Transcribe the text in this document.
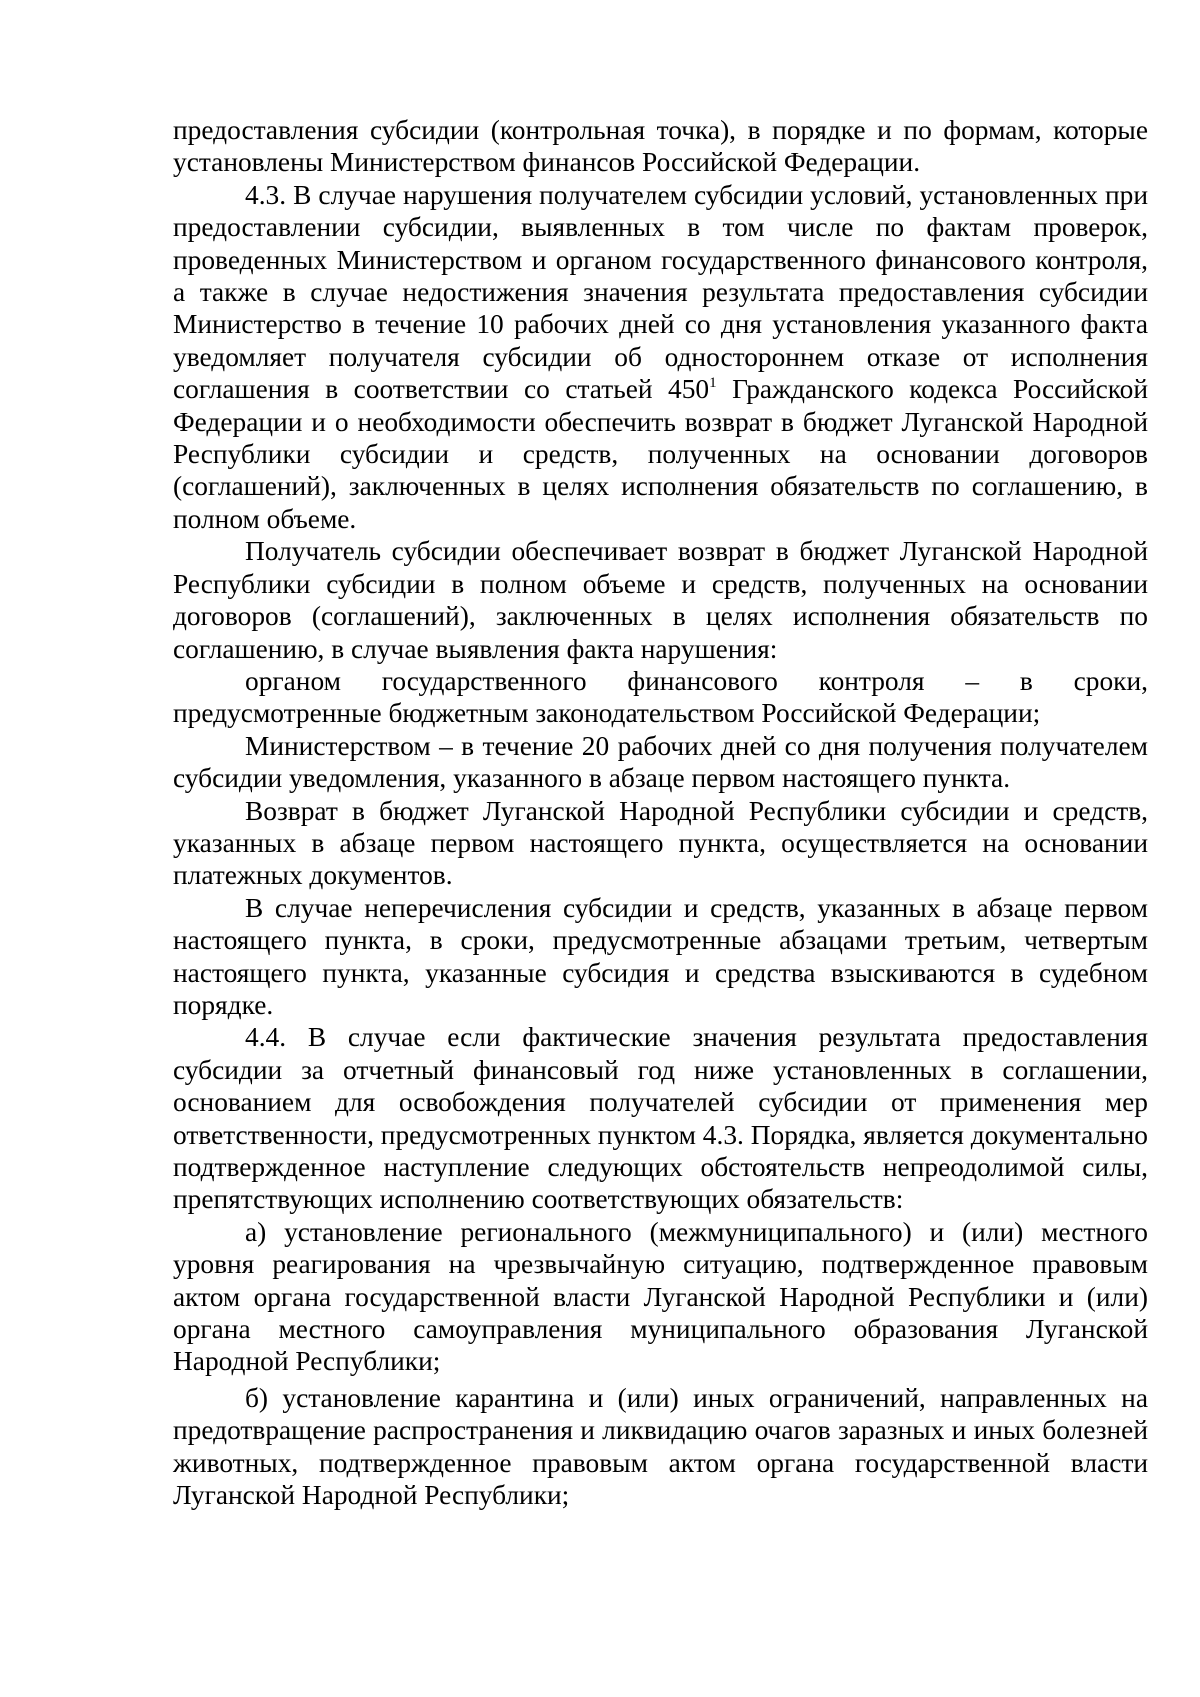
предоставления субсидии (контрольная точка), в порядке и по формам, которые установлены Министерством финансов Российской Федерации.

4.3. В случае нарушения получателем субсидии условий, установленных при предоставлении субсидии, выявленных в том числе по фактам проверок, проведенных Министерством и органом государственного финансового контроля, а также в случае недостижения значения результата предоставления субсидии Министерство в течение 10 рабочих дней со дня установления указанного факта уведомляет получателя субсидии об одностороннем отказе от исполнения соглашения в соответствии со статьей $450^1$ Гражданского кодекса Российской Федерации и о необходимости обеспечить возврат в бюджет Луганской Народной Республики субсидии и средств, полученных на основании договоров (соглашений), заключенных в целях исполнения обязательств по соглашению, в полном объеме.

Получатель субсидии обеспечивает возврат в бюджет Луганской Народной Республики субсидии в полном объеме и средств, полученных на основании договоров (соглашений), заключенных в целях исполнения обязательств по соглашению, в случае выявления факта нарушения:

органом государственного финансового контроля – в сроки, предусмотренные бюджетным законодательством Российской Федерации;

Министерством – в течение 20 рабочих дней со дня получения получателем субсидии уведомления, указанного в абзаце первом настоящего пункта.

Возврат в бюджет Луганской Народной Республики субсидии и средств, указанных в абзаце первом настоящего пункта, осуществляется на основании платежных документов.

В случае неперечисления субсидии и средств, указанных в абзаце первом настоящего пункта, в сроки, предусмотренные абзацами третьим, четвертым настоящего пункта, указанные субсидия и средства взыскиваются в судебном порядке.

4.4. В случае если фактические значения результата предоставления субсидии за отчетный финансовый год ниже установленных в соглашении, основанием для освобождения получателей субсидии от применения мер ответственности, предусмотренных пунктом 4.3. Порядка, является документально подтвержденное наступление следующих обстоятельств непреодолимой силы, препятствующих исполнению соответствующих обязательств:

а) установление регионального (межмуниципального) и (или) местного уровня реагирования на чрезвычайную ситуацию, подтвержденное правовым актом органа государственной власти Луганской Народной Республики и (или) органа местного самоуправления муниципального образования Луганской Народной Республики;

б) установление карантина и (или) иных ограничений, направленных на предотвращение распространения и ликвидацию очагов заразных и иных болезней животных, подтвержденное правовым актом органа государственной власти Луганской Народной Республики;
